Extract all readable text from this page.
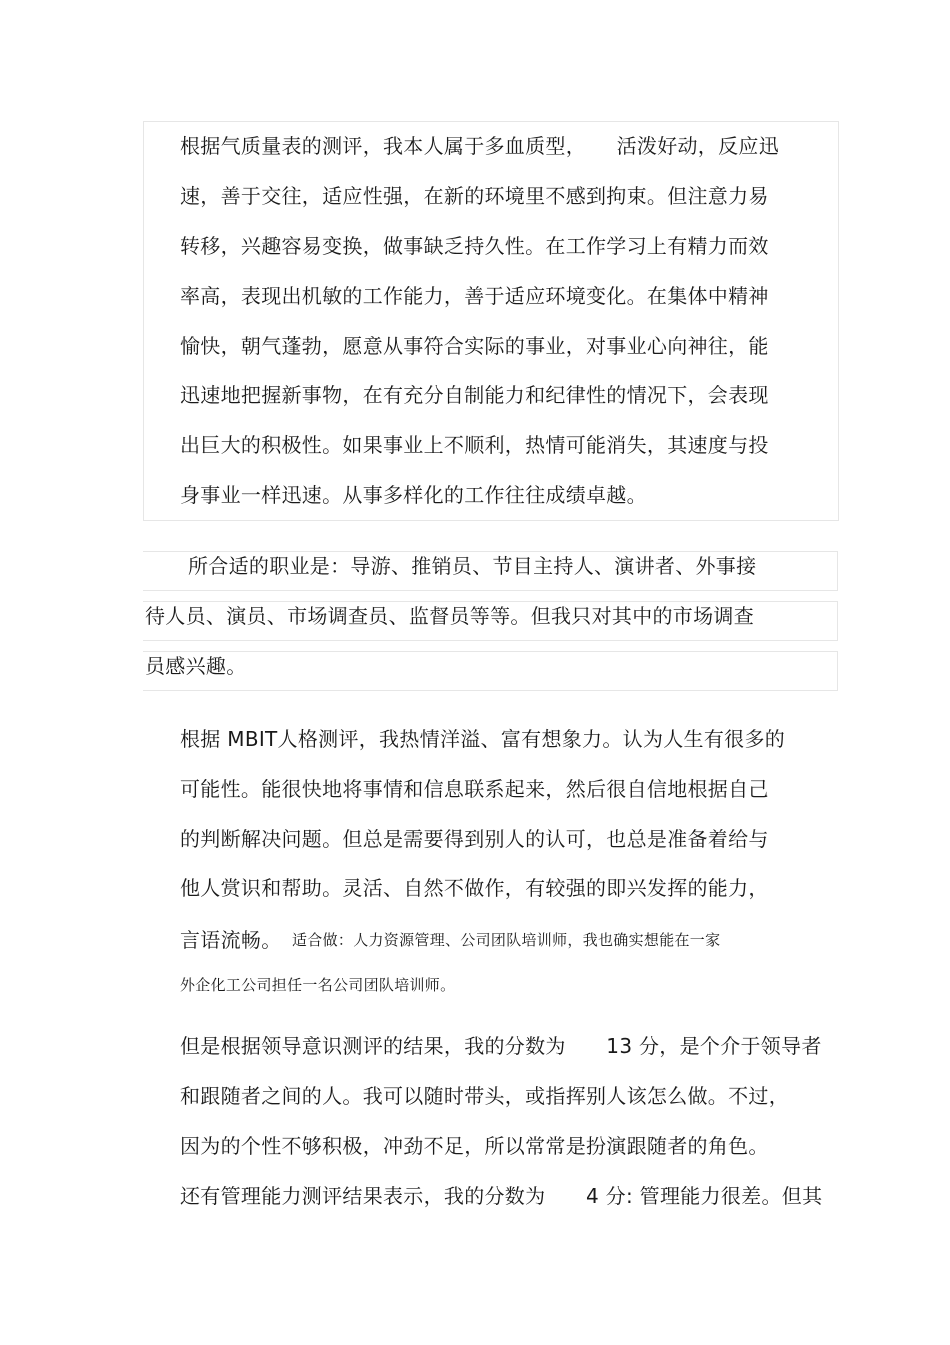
根据气质量表的测评，我本人属于多血质型，　　活泼好动，反应迅
速，善于交往，适应性强，在新的环境里不感到拘束。但注意力易
转移，兴趣容易变换，做事缺乏持久性。在工作学习上有精力而效
率高，表现出机敏的工作能力，善于适应环境变化。在集体中精神
愉快，朝气蓬勃，愿意从事符合实际的事业，对事业心向神往，能
迅速地把握新事物，在有充分自制能力和纪律性的情况下，会表现
出巨大的积极性。如果事业上不顺利，热情可能消失，其速度与投
身事业一样迅速。从事多样化的工作往往成绩卓越。
所合适的职业是：导游、推销员、节目主持人、演讲者、外事接
待人员、演员、市场调查员、监督员等等。但我只对其中的市场调查
员感兴趣。
根据 MBIT人格测评，我热情洋溢、富有想象力。认为人生有很多的
可能性。能很快地将事情和信息联系起来，然后很自信地根据自己
的判断解决问题。但总是需要得到别人的认可，也总是准备着给与
他人赏识和帮助。灵活、自然不做作，有较强的即兴发挥的能力，
言语流畅。 适合做：人力资源管理、公司团队培训师，我也确实想能在一家
外企化工公司担任一名公司团队培训师。
但是根据领导意识测评的结果，我的分数为　　13 分，是个介于领导者
和跟随者之间的人。我可以随时带头，或指挥别人该怎么做。不过，
因为的个性不够积极，冲劲不足，所以常常是扮演跟随者的角色。
还有管理能力测评结果表示，我的分数为　　4 分: 管理能力很差。但其
